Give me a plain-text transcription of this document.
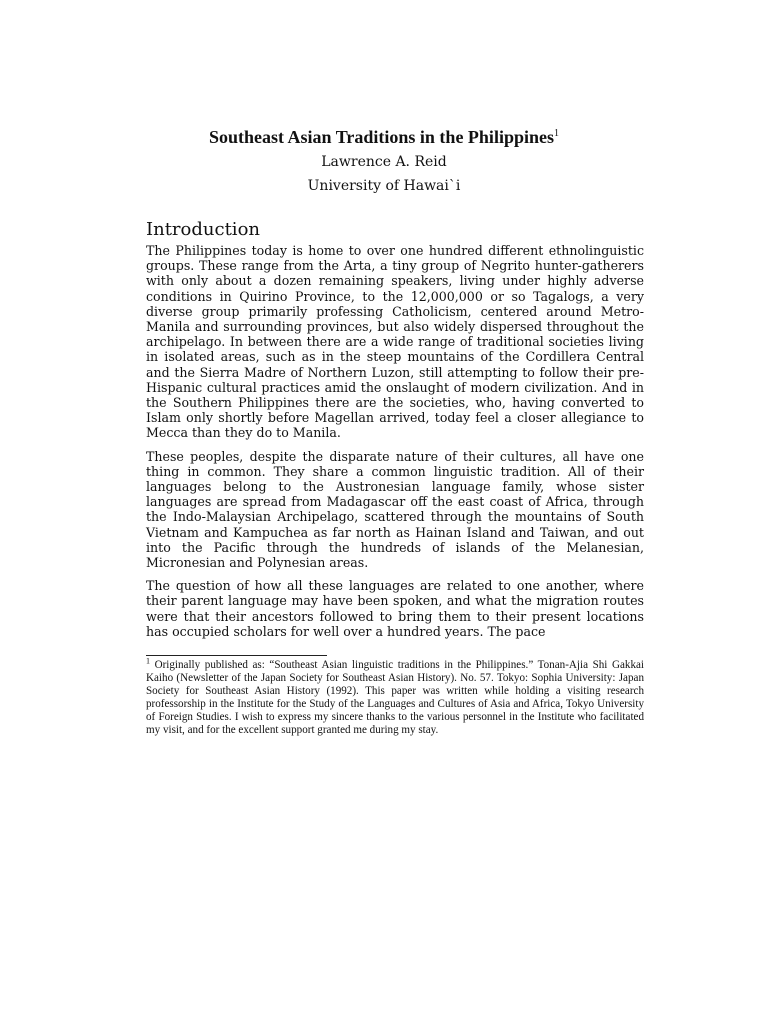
Southeast Asian Traditions in the Philippines$^1$
Lawrence A. Reid
University of Hawai`i
Introduction

The Philippines today is home to over one hundred different ethnolinguistic groups. These range from the Arta, a tiny group of Negrito hunter-gatherers with only about a dozen remaining speakers, living under highly adverse conditions in Quirino Province, to the 12,000,000 or so Tagalogs, a very diverse group primarily professing Catholicism, centered around Metro-Manila and surrounding provinces, but also widely dispersed throughout the archipelago. In between there are a wide range of traditional societies living in isolated areas, such as in the steep mountains of the Cordillera Central and the Sierra Madre of Northern Luzon, still attempting to follow their pre-Hispanic cultural practices amid the onslaught of modern civilization. And in the Southern Philippines there are the societies, who, having converted to Islam only shortly before Magellan arrived, today feel a closer allegiance to Mecca than they do to Manila.

These peoples, despite the disparate nature of their cultures, all have one thing in common. They share a common linguistic tradition. All of their languages belong to the Austronesian language family, whose sister languages are spread from Madagascar off the east coast of Africa, through the Indo-Malaysian Archipelago, scattered through the mountains of South Vietnam and Kampuchea as far north as Hainan Island and Taiwan, and out into the Pacific through the hundreds of islands of the Melanesian, Micronesian and Polynesian areas.

The question of how all these languages are related to one another, where their parent language may have been spoken, and what the migration routes were that their ancestors followed to bring them to their present locations has occupied scholars for well over a hundred years. The pace

$^1$ Originally published as: “Southeast Asian linguistic traditions in the Philippines.” Tonan-Ajia Shi Gakkai Kaiho (Newsletter of the Japan Society for Southeast Asian History). No. 57. Tokyo: Sophia University: Japan Society for Southeast Asian History (1992). This paper was written while holding a visiting research professorship in the Institute for the Study of the Languages and Cultures of Asia and Africa, Tokyo University of Foreign Studies. I wish to express my sincere thanks to the various personnel in the Institute who facilitated my visit, and for the excellent support granted me during my stay.
